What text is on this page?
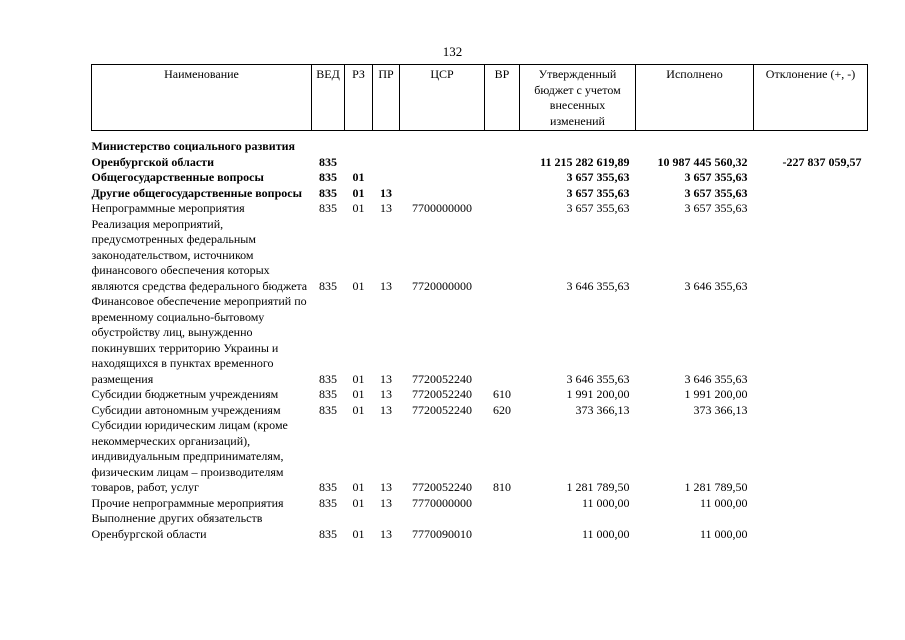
132
Наименование	ВЕД	РЗ	ПР	ЦСР	ВР	Утвержденный бюджет с учетом внесенных изменений	Исполнено	Отклонение (+, -)
Министерство социального развития Оренбургской области	835					11 215 282 619,89	10 987 445 560,32	-227 837 059,57
Общегосударственные вопросы	835	01				3 657 355,63	3 657 355,63	
Другие общегосударственные вопросы	835	01	13			3 657 355,63	3 657 355,63	
Непрограммные мероприятия	835	01	13	7700000000		3 657 355,63	3 657 355,63	
Реализация мероприятий, предусмотренных федеральным законодательством, источником финансового обеспечения которых являются средства федерального бюджета	835	01	13	7720000000		3 646 355,63	3 646 355,63	
Финансовое обеспечение мероприятий по временному социально-бытовому обустройству лиц, вынужденно покинувших территорию Украины и находящихся в пунктах временного размещения	835	01	13	7720052240		3 646 355,63	3 646 355,63	
Субсидии бюджетным учреждениям	835	01	13	7720052240	610	1 991 200,00	1 991 200,00	
Субсидии автономным учреждениям	835	01	13	7720052240	620	373 366,13	373 366,13	
Субсидии юридическим лицам (кроме некоммерческих организаций), индивидуальным предпринимателям, физическим лицам – производителям товаров, работ, услуг	835	01	13	7720052240	810	1 281 789,50	1 281 789,50	
Прочие непрограммные мероприятия	835	01	13	7770000000		11 000,00	11 000,00	
Выполнение других обязательств Оренбургской области	835	01	13	7770090010		11 000,00	11 000,00	
